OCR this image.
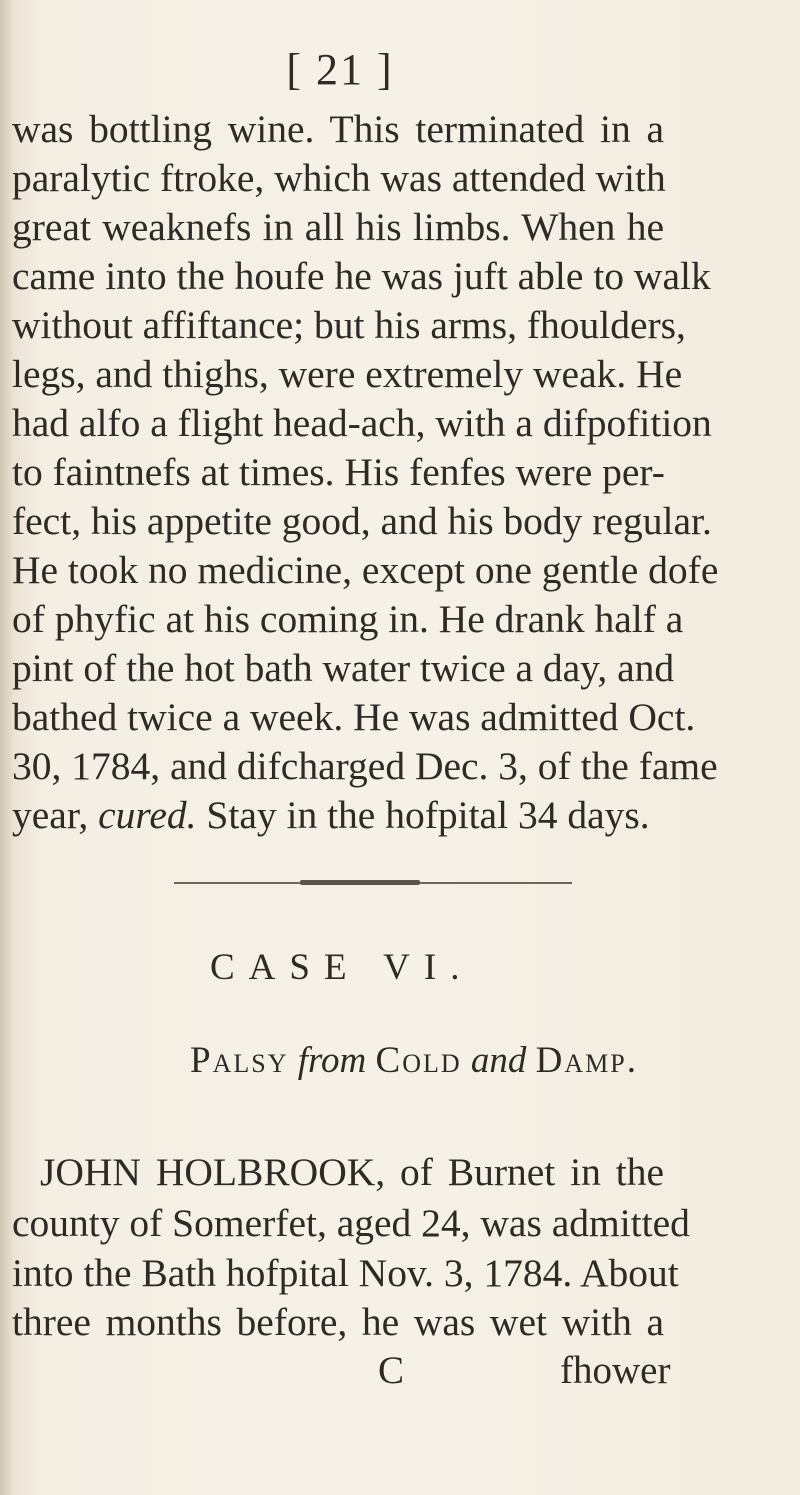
[ 21 ]
was bottling wine. This terminated in a
paralytic ftroke, which was attended with
great weaknefs in all his limbs. When he
came into the houfe he was juft able to walk
without affiftance; but his arms, fhoulders,
legs, and thighs, were extremely weak. He
had alfo a flight head-ach, with a difpofition
to faintnefs at times. His fenfes were per-
fect, his appetite good, and his body regular.
He took no medicine, except one gentle dofe
of phyfic at his coming in. He drank half a
pint of the hot bath water twice a day, and
bathed twice a week. He was admitted Oct.
30, 1784, and difcharged Dec. 3, of the fame
year, cured. Stay in the hofpital 34 days.
CASE VI.
Palsy from Cold and Damp.
JOHN HOLBROOK, of Burnet in the
county of Somerfet, aged 24, was admitted
into the Bath hofpital Nov. 3, 1784. About
three months before, he was wet with a
C	fhower
